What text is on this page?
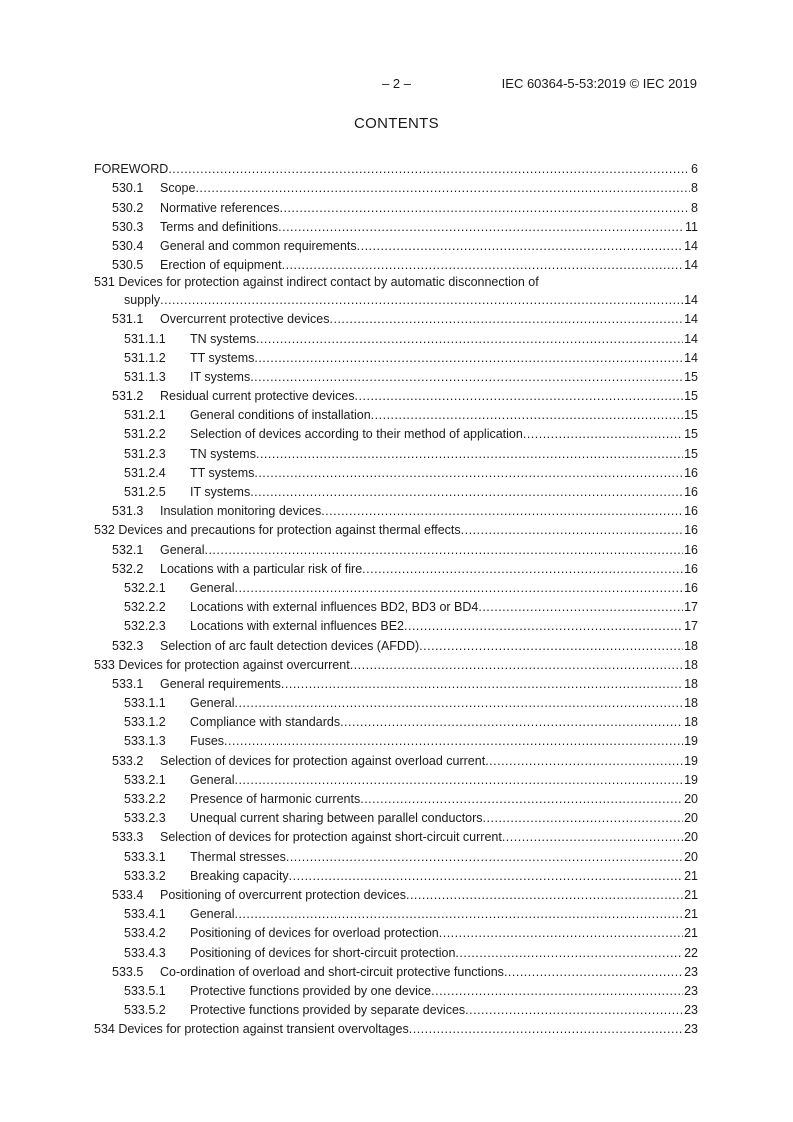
– 2 –	IEC 60364-5-53:2019 © IEC 2019
CONTENTS
FOREWORD .....	6
530.1	Scope .....	8
530.2	Normative references .....	8
530.3	Terms and definitions .....	11
530.4	General and common requirements .....	14
530.5	Erection of equipment .....	14
531 Devices for protection against indirect contact by automatic disconnection of
supply .....	14
531.1	Overcurrent protective devices .....	14
531.1.1	TN systems .....	14
531.1.2	TT systems .....	14
531.1.3	IT systems .....	15
531.2	Residual current protective devices .....	15
531.2.1	General conditions of installation .....	15
531.2.2	Selection of devices according to their method of application .....	15
531.2.3	TN systems .....	15
531.2.4	TT systems .....	16
531.2.5	IT systems .....	16
531.3	Insulation monitoring devices .....	16
532 Devices and precautions for protection against thermal effects .....	16
532.1	General .....	16
532.2	Locations with a particular risk of fire .....	16
532.2.1	General .....	16
532.2.2	Locations with external influences BD2, BD3 or BD4 .....	17
532.2.3	Locations with external influences BE2 .....	17
532.3	Selection of arc fault detection devices (AFDD) .....	18
533 Devices for protection against overcurrent .....	18
533.1	General requirements .....	18
533.1.1	General .....	18
533.1.2	Compliance with standards .....	18
533.1.3	Fuses .....	19
533.2	Selection of devices for protection against overload current .....	19
533.2.1	General .....	19
533.2.2	Presence of harmonic currents .....	20
533.2.3	Unequal current sharing between parallel conductors .....	20
533.3	Selection of devices for protection against short-circuit current .....	20
533.3.1	Thermal stresses .....	20
533.3.2	Breaking capacity .....	21
533.4	Positioning of overcurrent protection devices .....	21
533.4.1	General .....	21
533.4.2	Positioning of devices for overload protection .....	21
533.4.3	Positioning of devices for short-circuit protection .....	22
533.5	Co-ordination of overload and short-circuit protective functions .....	23
533.5.1	Protective functions provided by one device .....	23
533.5.2	Protective functions provided by separate devices .....	23
534 Devices for protection against transient overvoltages .....	23
